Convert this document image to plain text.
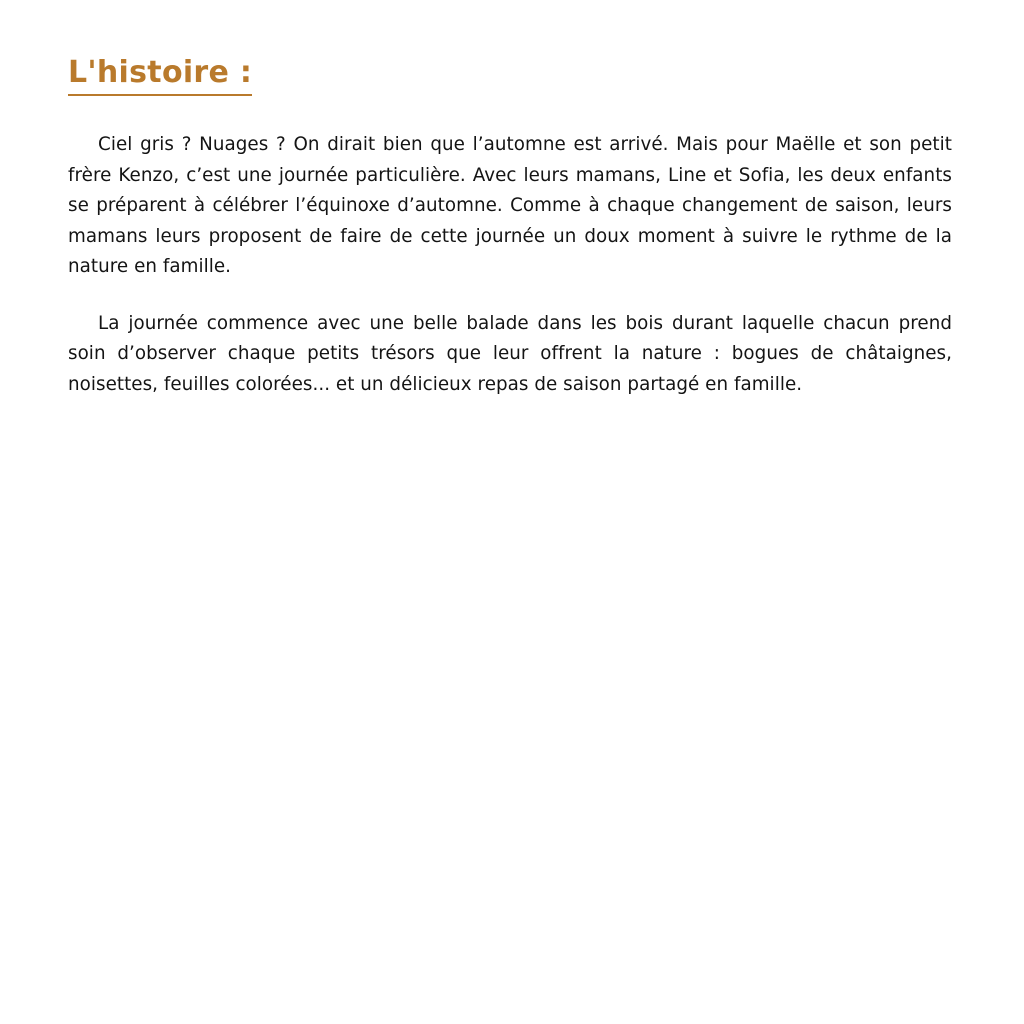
L'histoire :

Ciel gris ? Nuages ? On dirait bien que l’automne est arrivé. Mais pour Maëlle et son petit frère Kenzo, c’est une journée particulière. Avec leurs mamans, Line et Sofia, les deux enfants se préparent à célébrer l’équinoxe d’automne. Comme à chaque changement de saison, leurs mamans leurs proposent de faire de cette journée un doux moment à suivre le rythme de la nature en famille.

La journée commence avec une belle balade dans les bois durant laquelle chacun prend soin d’observer chaque petits trésors que leur offrent la nature : bogues de châtaignes, noisettes, feuilles colorées... et un délicieux repas de saison partagé en famille.
